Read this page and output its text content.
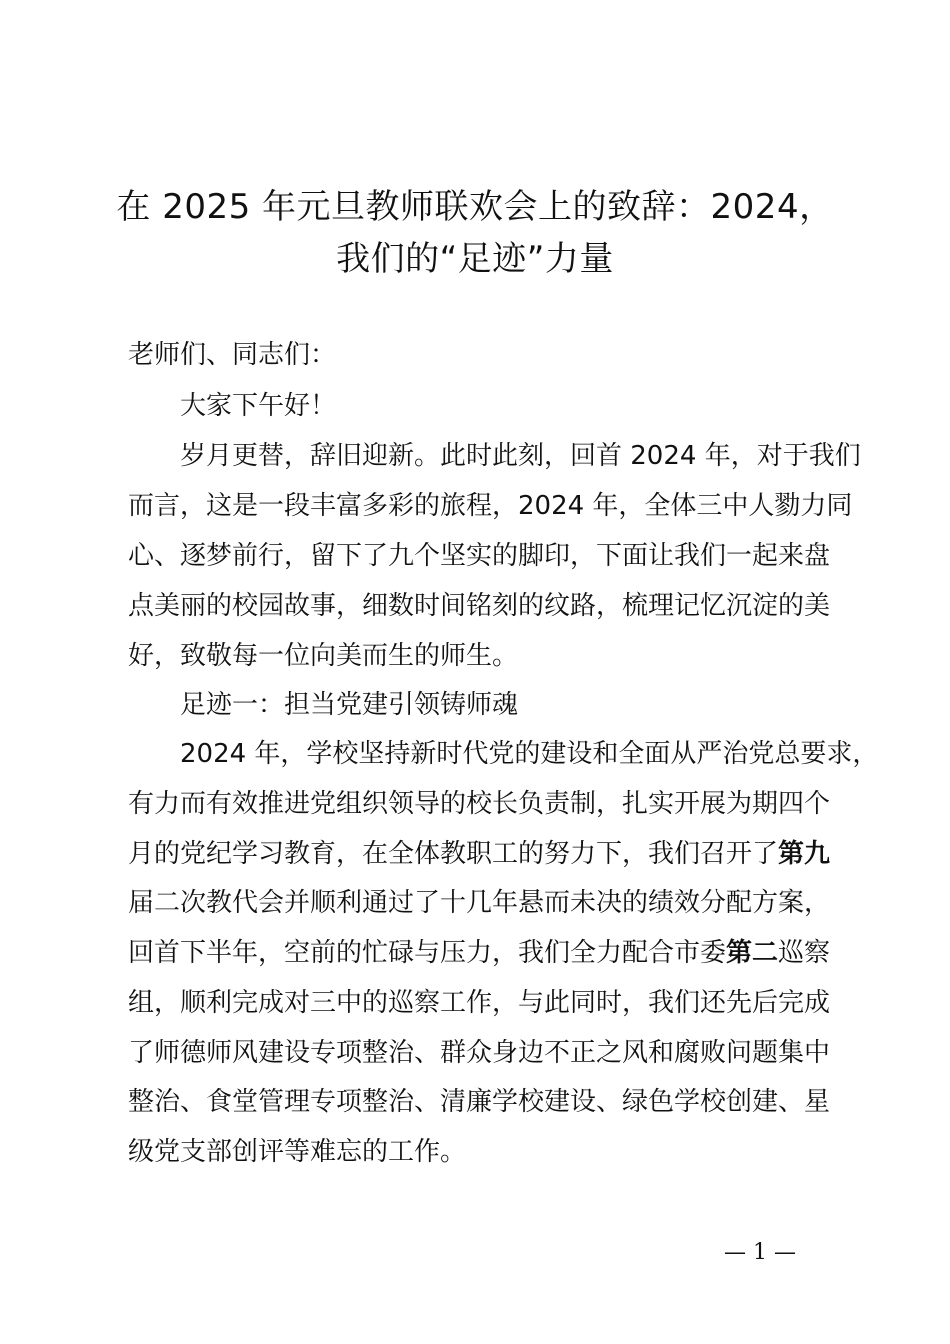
在 2025 年元旦教师联欢会上的致辞：2024，
我们的“足迹”力量
老师们、同志们：
大家下午好！
岁月更替，辞旧迎新。此时此刻，回首 2024 年，对于我们
而言，这是一段丰富多彩的旅程，2024 年，全体三中人勠力同
心、逐梦前行，留下了九个坚实的脚印，下面让我们一起来盘
点美丽的校园故事，细数时间铭刻的纹路，梳理记忆沉淀的美
好，致敬每一位向美而生的师生。
足迹一：担当党建引领铸师魂
2024 年，学校坚持新时代党的建设和全面从严治党总要求，
有力而有效推进党组织领导的校长负责制，扎实开展为期四个
月的党纪学习教育，在全体教职工的努力下，我们召开了第九
届二次教代会并顺利通过了十几年悬而未决的绩效分配方案，
回首下半年，空前的忙碌与压力，我们全力配合市委第二巡察
组，顺利完成对三中的巡察工作，与此同时，我们还先后完成
了师德师风建设专项整治、群众身边不正之风和腐败问题集中
整治、食堂管理专项整治、清廉学校建设、绿色学校创建、星
级党支部创评等难忘的工作。
— 1 —
